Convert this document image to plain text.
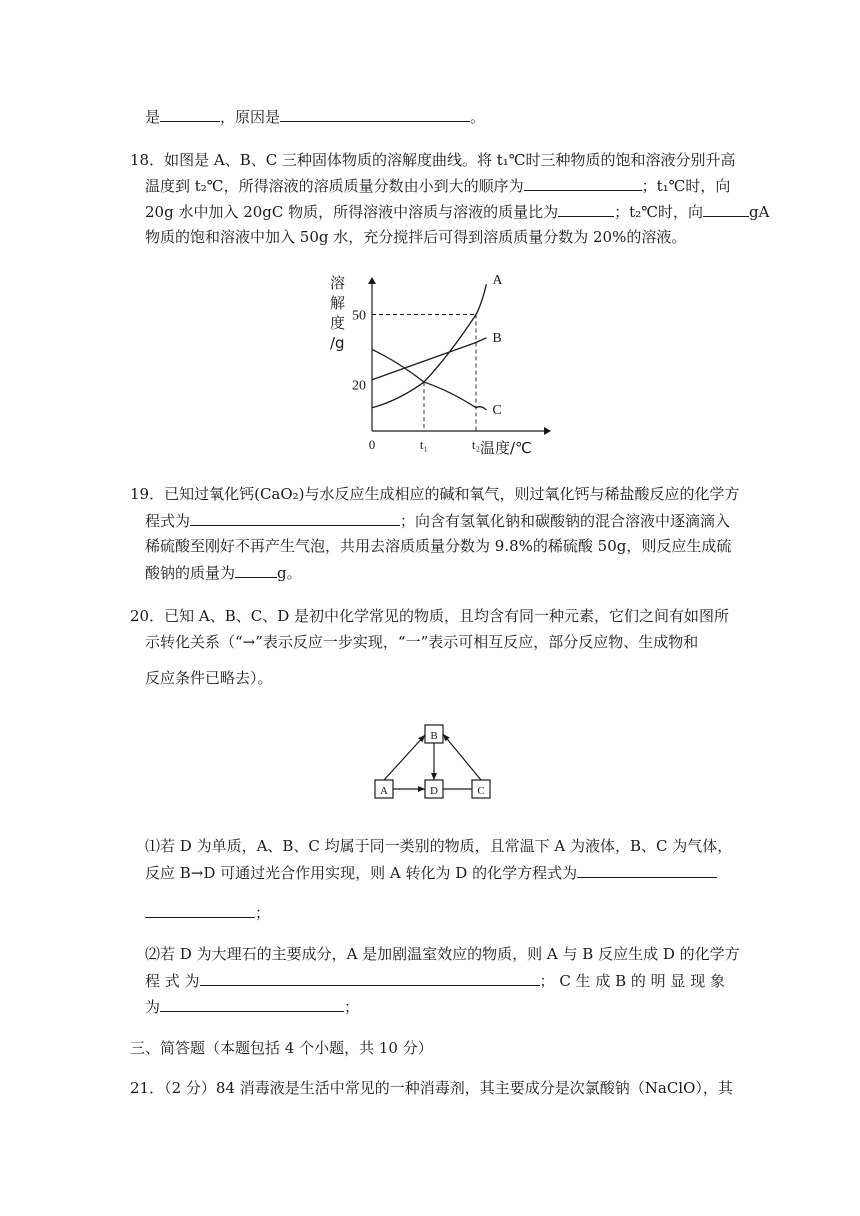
是	，原因是	。
18．如图是 A、B、C 三种固体物质的溶解度曲线。将 t₁℃时三种物质的饱和溶液分别升高
温度到 t₂℃，所得溶液的溶质质量分数由小到大的顺序为	；t₁℃时，向
20g 水中加入 20gC 物质，所得溶液中溶质与溶液的质量比为	；t₂℃时，向	gA
物质的饱和溶液中加入 50g 水，充分搅拌后可得到溶质质量分数为 20%的溶液。
A
B
C
溶
解
度
/g
20
50
0	t₁	t₂ 温度/℃
19．已知过氧化钙(CaO₂)与水反应生成相应的碱和氧气，则过氧化钙与稀盐酸反应的化学方
程式为	；向含有氢氧化钠和碳酸钠的混合溶液中逐滴滴入
稀硫酸至刚好不再产生气泡，共用去溶质质量分数为 9.8%的稀硫酸 50g，则反应生成硫
酸钠的质量为	g。
20．已知 A、B、C、D 是初中化学常见的物质，且均含有同一种元素，它们之间有如图所
示转化关系（“→”表示反应一步实现，“一”表示可相互反应，部分反应物、生成物和
反应条件已略去）。
B
A	D	C
⑴若 D 为单质，A、B、C 均属于同一类别的物质，且常温下 A 为液体，B、C 为气体，
反应 B→D 可通过光合作用实现，则 A 转化为 D 的化学方程式为
；
⑵若 D 为大理石的主要成分，A 是加剧温室效应的物质，则 A 与 B 反应生成 D 的化学方
程 式 为	； C 生 成 B 的 明 显 现 象
为	；
三、简答题（本题包括 4 个小题，共 10 分）
21．（2 分）84 消毒液是生活中常见的一种消毒剂，其主要成分是次氯酸钠（NaClO），其
